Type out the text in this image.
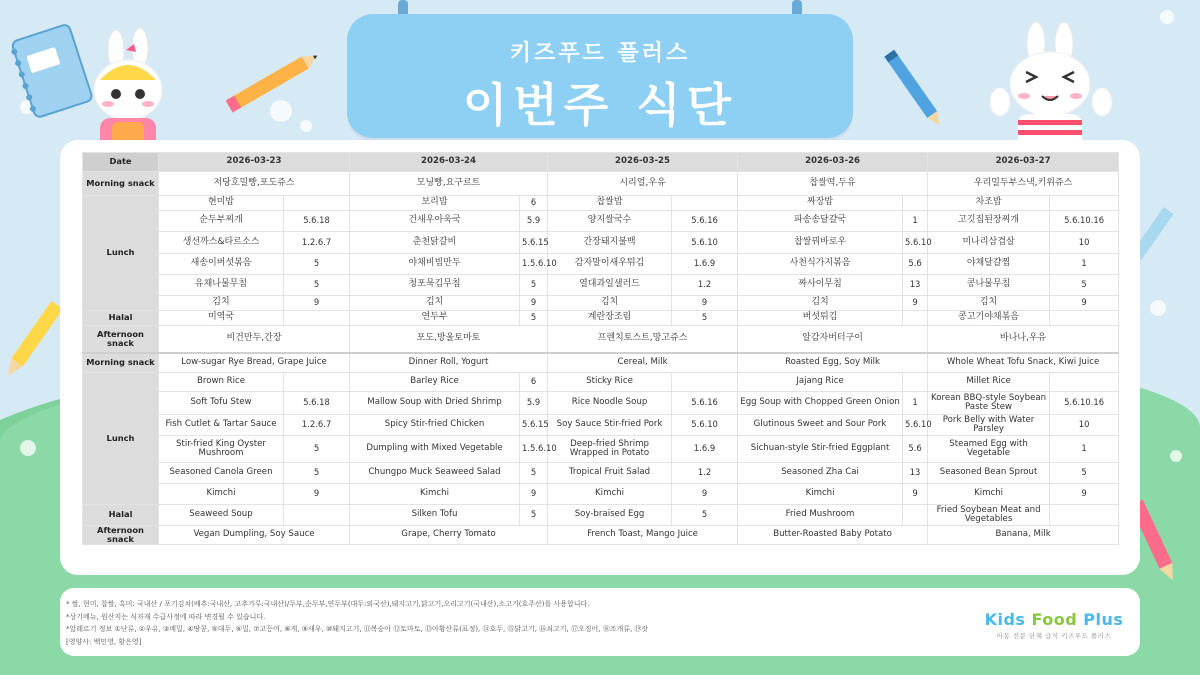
키즈푸드 플러스
이번주 식단
Date	2026-03-23		2026-03-24		2026-03-25		2026-03-26		2026-03-27	
Morning snack	저당호밀빵,포도쥬스		모닝빵,요구르트		시리얼,우유		찹쌀떡,두유		우리밀두부스낵,키위쥬스	
Lunch	현미밥		보리밥	6	찹쌀밥		짜장밥		차조밥	
	순두부찌개	5.6.18	건새우아욱국	5.9	양지쌀국수	5.6.16	파송송달걀국	1	고깃집된장찌개	5.6.10.16
	생선까스&타르소스	1.2.6.7	춘천닭갈비	5.6.15	간장돼지불백	5.6.10	찹쌀꿔바로우	5.6.10	미나리삼겹살	10
	새송이버섯볶음	5	야채비빔만두	1.5.6.10	감자말이새우튀김	1.6.9	사천식가지볶음	5.6	야채달걀찜	1
	유채나물무침	5	청포묵김무침	5	열대과일샐러드	1.2	짜사이무침	13	콩나물무침	5
	김치	9	김치	9	김치	9	김치	9	김치	9
Halal	미역국		연두부	5	계란장조림	5	버섯튀김		콩고기야채볶음	
Afternoon snack	비건만두,간장		포도,방울토마토		프렌치토스트,망고쥬스		알감자버터구이		바나나,우유	
Morning snack	Low-sugar Rye Bread, Grape Juice		Dinner Roll, Yogurt		Cereal, Milk		Roasted Egg, Soy Milk		Whole Wheat Tofu Snack, Kiwi Juice	
Lunch	Brown Rice		Barley Rice	6	Sticky Rice		Jajang Rice		Millet Rice	
	Soft Tofu Stew	5.6.18	Mallow Soup with Dried Shrimp	5.9	Rice Noodle Soup	5.6.16	Egg Soup with Chopped Green Onion	1	Korean BBQ-style Soybean Paste Stew	5.6.10.16
	Fish Cutlet & Tartar Sauce	1.2.6.7	Spicy Stir-fried Chicken	5.6.15	Soy Sauce Stir-fried Pork	5.6.10	Glutinous Sweet and Sour Pork	5.6.10	Pork Belly with Water Parsley	10
	Stir-fried King Oyster Mushroom	5	Dumpling with Mixed Vegetable	1.5.6.10	Deep-fried Shrimp Wrapped in Potato	1.6.9	Sichuan-style Stir-fried Eggplant	5.6	Steamed Egg with Vegetable	1
	Seasoned Canola Green	5	Chungpo Muck Seaweed Salad	5	Tropical Fruit Salad	1.2	Seasoned Zha Cai	13	Seasoned Bean Sprout	5
	Kimchi	9	Kimchi	9	Kimchi	9	Kimchi	9	Kimchi	9
Halal	Seaweed Soup		Silken Tofu	5	Soy-braised Egg	5	Fried Mushroom		Fried Soybean Meat and Vegetables	
Afternoon snack	Vegan Dumpling, Soy Sauce		Grape, Cherry Tomato		French Toast, Mango Juice		Butter-Roasted Baby Potato		Banana, Milk	
* 쌀, 현미, 찹쌀, 흑미: 국내산 / 포기김치(배추:국내산, 고추가루:국내산)/두부,순두부,연두부(대두:외국산),돼지고기,닭고기,오리고기(국내산),소고기(호주산)를 사용합니다.
*상기메뉴, 원산지는 식자재 수급사정에 따라 변경될 수 있습니다.
*알레르기 정보 ①난류, ②우유, ③메밀, ④땅콩, ⑤대두, ⑥밀, ⑦고등어, ⑧게, ⑨새우, ⑩돼지고기, ⑪복숭아 ⑫토마토, ⑬아황산류(표정), ⑭호두, ⑮닭고기, ⑯쇠고기, ⑰오징어, ⑱조개류, ⑲잣
[영양사: 백민영, 황은영]
Kids Food Plus
아동 전문 단체 급식 키즈푸드 플러스
